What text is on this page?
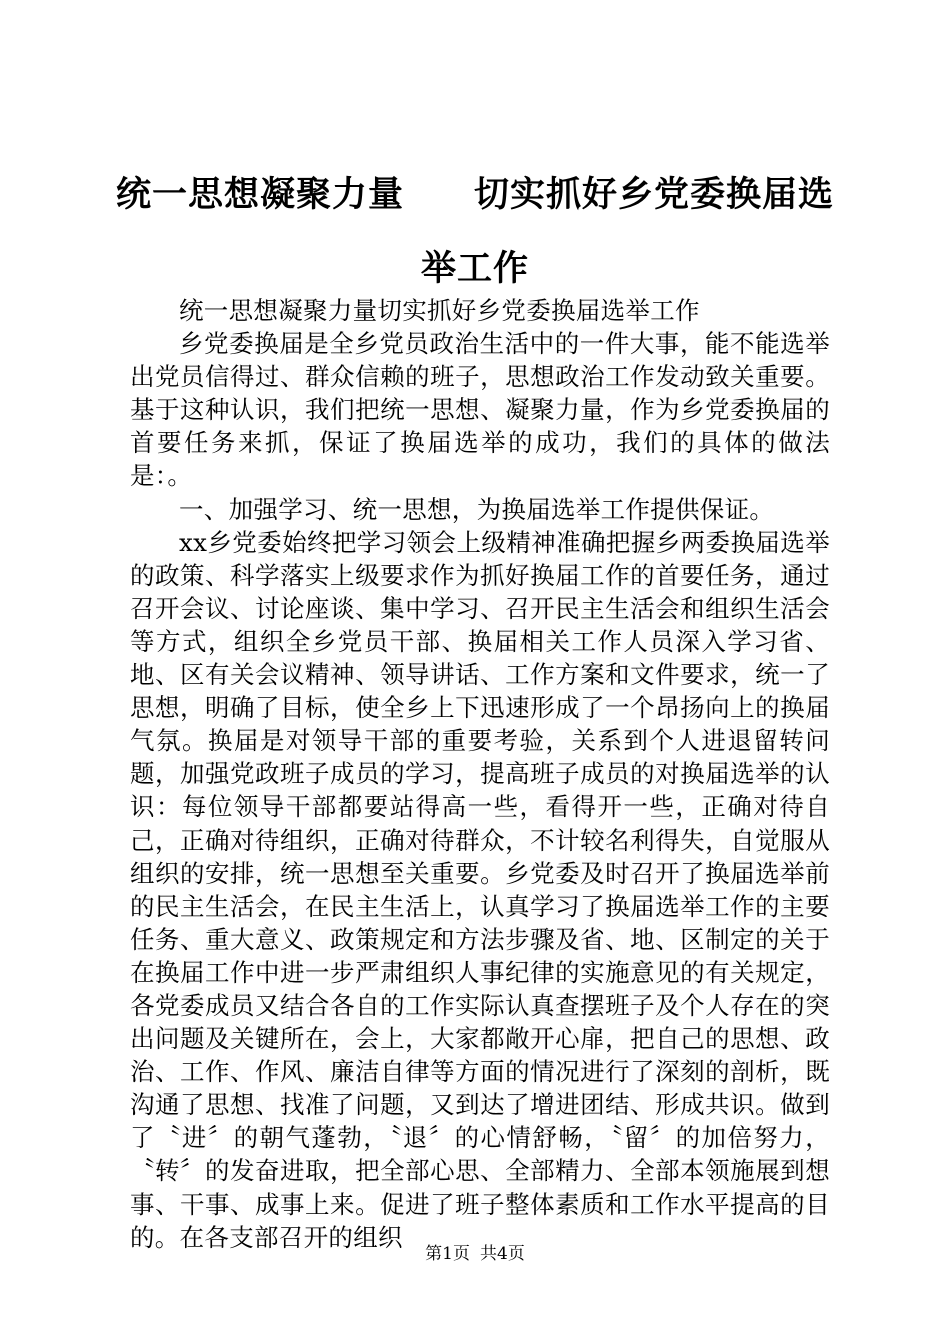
统一思想凝聚力量 切实抓好乡党委换届选
举工作

统一思想凝聚力量切实抓好乡党委换届选举工作

乡党委换届是全乡党员政治生活中的一件大事，能不能选举出党员信得过、群众信赖的班子，思想政治工作发动致关重要。基于这种认识，我们把统一思想、凝聚力量，作为乡党委换届的首要任务来抓，保证了换届选举的成功，我们的具体的做法是：。

一、加强学习、统一思想，为换届选举工作提供保证。

xx乡党委始终把学习领会上级精神准确把握乡两委换届选举的政策、科学落实上级要求作为抓好换届工作的首要任务，通过召开会议、讨论座谈、集中学习、召开民主生活会和组织生活会等方式，组织全乡党员干部、换届相关工作人员深入学习省、地、区有关会议精神、领导讲话、工作方案和文件要求，统一了思想，明确了目标，使全乡上下迅速形成了一个昂扬向上的换届气氛。换届是对领导干部的重要考验，关系到个人进退留转问题，加强党政班子成员的学习，提高班子成员的对换届选举的认识：每位领导干部都要站得高一些，看得开一些，正确对待自己，正确对待组织，正确对待群众，不计较名利得失，自觉服从组织的安排，统一思想至关重要。乡党委及时召开了换届选举前的民主生活会，在民主生活上，认真学习了换届选举工作的主要任务、重大意义、政策规定和方法步骤及省、地、区制定的关于在换届工作中进一步严肃组织人事纪律的实施意见的有关规定，各党委成员又结合各自的工作实际认真查摆班子及个人存在的突出问题及关键所在，会上，大家都敞开心扉，把自己的思想、政治、工作、作风、廉洁自律等方面的情况进行了深刻的剖析，既沟通了思想、找准了问题，又到达了增进团结、形成共识。做到了〝进〞的朝气蓬勃，〝退〞的心情舒畅，〝留〞的加倍努力，〝转〞的发奋进取，把全部心思、全部精力、全部本领施展到想事、干事、成事上来。促进了班子整体素质和工作水平提高的目的。在各支部召开的组织

第1页 共4页
